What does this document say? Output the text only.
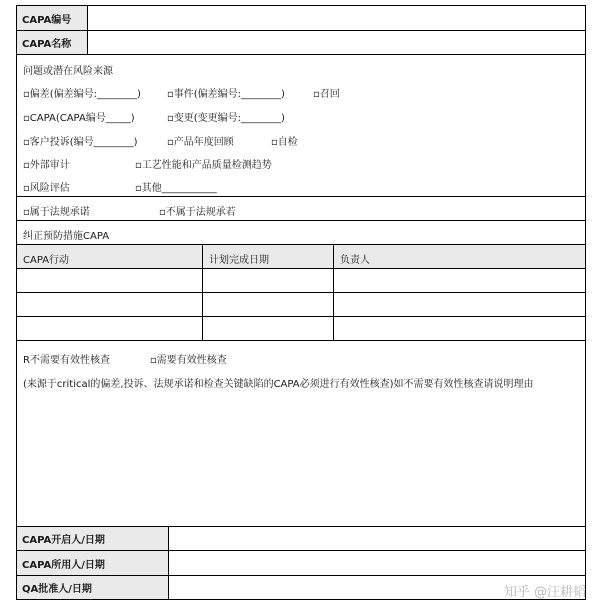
CAPA编号
CAPA名称
问题或潜在风险来源
▫偏差(偏差编号:________)	▫事件(偏差编号:________)	▫召回
▫CAPA(CAPA编号_____)	▫变更(变更编号:________)
▫客户投诉(编号________)	▫产品年度回顾	▫自检
▫外部审计	▫工艺性能和产品质量检测趋势
▫风险评估	▫其他___________
▫属于法规承诺	▫不属于法规承若
纠正预防措施CAPA
CAPA行动	计划完成日期	负责人
R不需要有效性核查	▫需要有效性核查
(来源于critical的偏差,投诉、法规承诺和检查关键缺陷的CAPA必须进行有效性核查)如不需要有效性核查请说明理由
CAPA开启人/日期
CAPA所用人/日期
QA批准人/日期	知乎 @汪耕韬
